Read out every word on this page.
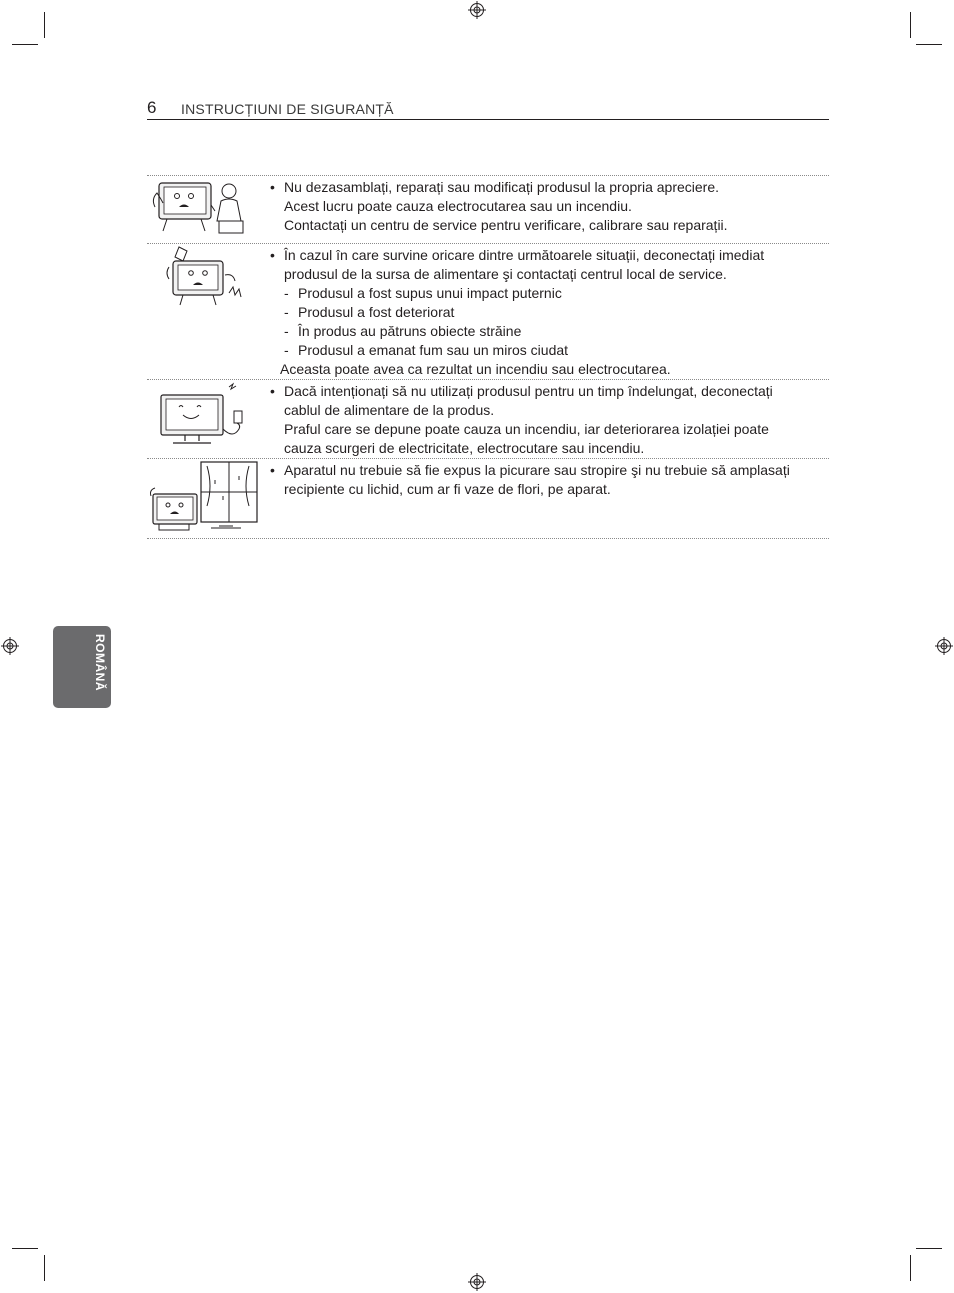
6 INSTRUCȚIUNI DE SIGURANȚĂ
• Nu dezasamblați, reparați sau modificați produsul la propria apreciere.
Acest lucru poate cauza electrocutarea sau un incendiu.
Contactați un centru de service pentru verificare, calibrare sau reparații.
• În cazul în care survine oricare dintre următoarele situații, deconectați imediat
produsul de la sursa de alimentare şi contactați centrul local de service.
- Produsul a fost supus unui impact puternic
- Produsul a fost deteriorat
- În produs au pătruns obiecte străine
- Produsul a emanat fum sau un miros ciudat
Aceasta poate avea ca rezultat un incendiu sau electrocutarea.
• Dacă intenționați să nu utilizați produsul pentru un timp îndelungat, deconectați
cablul de alimentare de la produs.
Praful care se depune poate cauza un incendiu, iar deteriorarea izolației poate
cauza scurgeri de electricitate, electrocutare sau incendiu.
• Aparatul nu trebuie să fie expus la picurare sau stropire şi nu trebuie să amplasați
recipiente cu lichid, cum ar fi vaze de flori, pe aparat.
ROMÂNĂ
